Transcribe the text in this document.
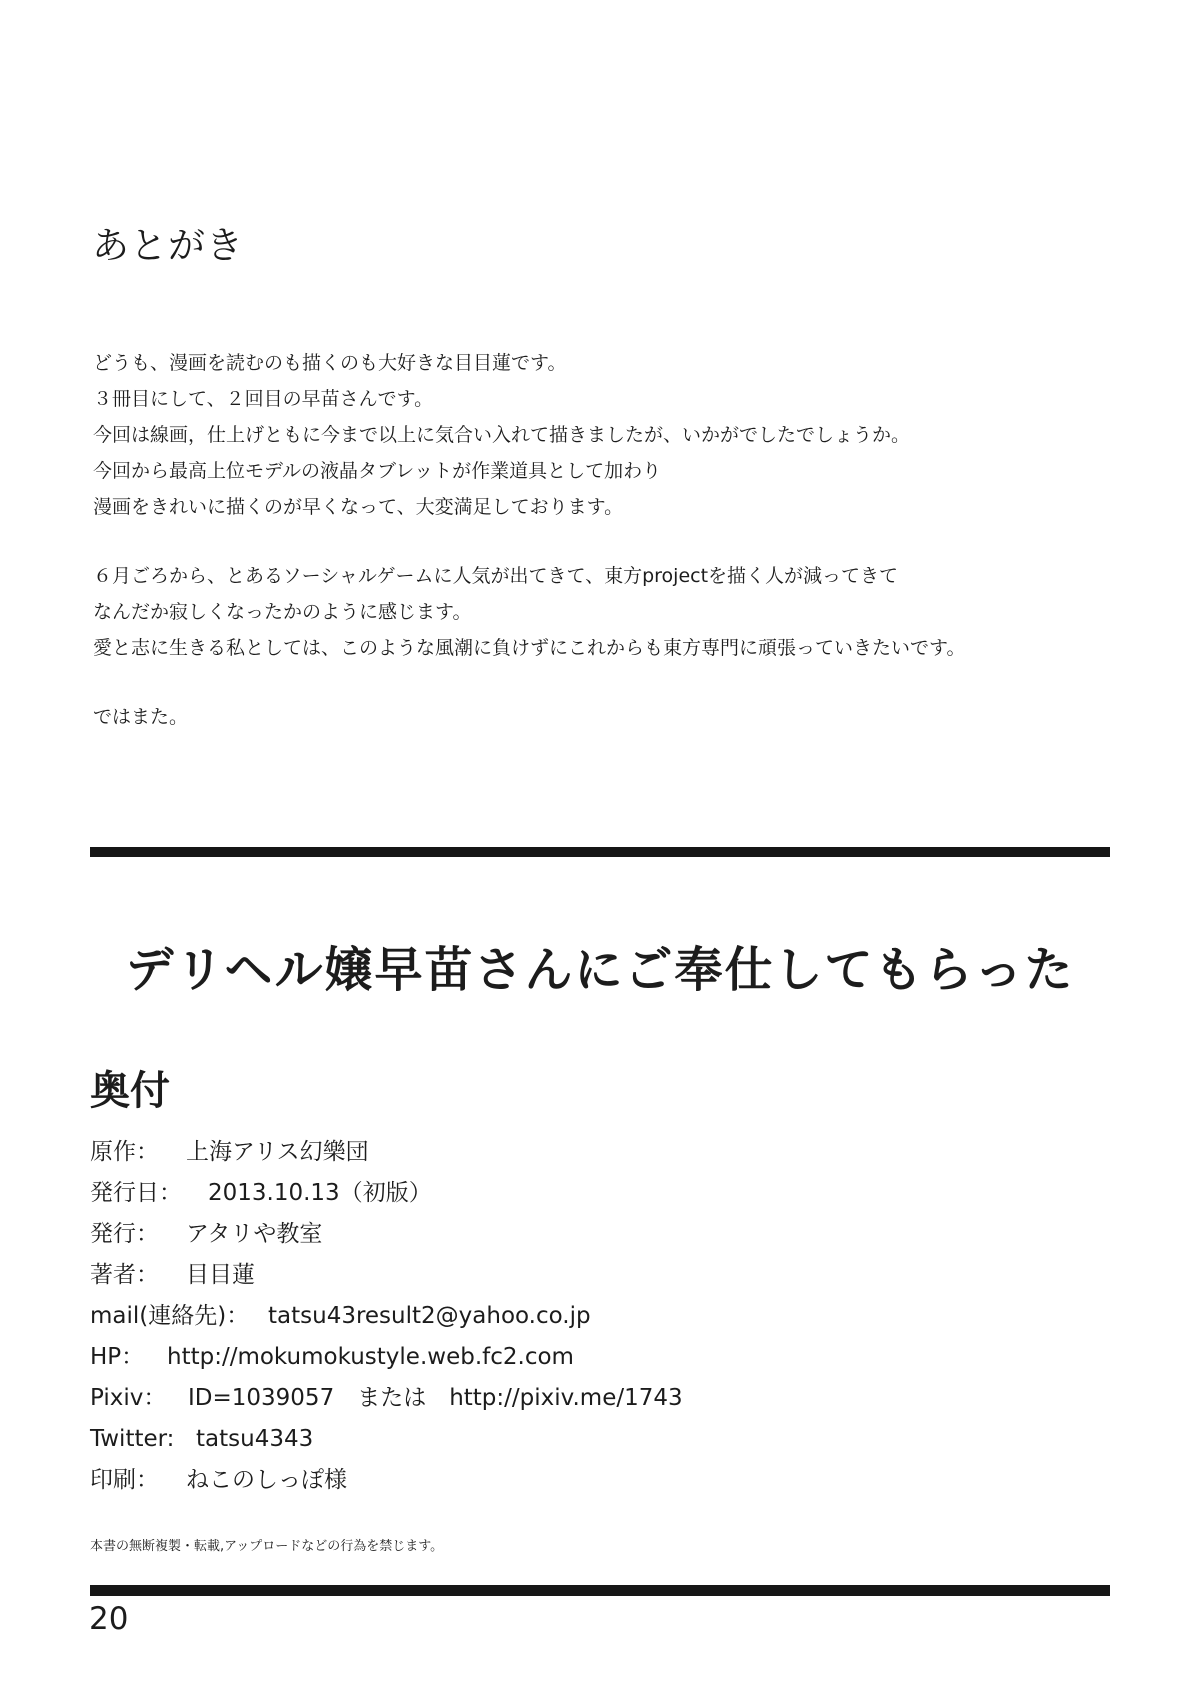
あとがき
どうも、漫画を読むのも描くのも大好きな目目蓮です。
３冊目にして、２回目の早苗さんです。
今回は線画，仕上げともに今まで以上に気合い入れて描きましたが、いかがでしたでしょうか。
今回から最高上位モデルの液晶タブレットが作業道具として加わり
漫画をきれいに描くのが早くなって、大変満足しております。
６月ごろから、とあるソーシャルゲームに人気が出てきて、東方projectを描く人が減ってきて
なんだか寂しくなったかのように感じます。
愛と志に生きる私としては、このような風潮に負けずにこれからも東方専門に頑張っていきたいです。
ではまた。
デリヘル嬢早苗さんにご奉仕してもらった
奥付
原作： 上海アリス幻樂団
発行日： 2013.10.13（初版）
発行： アタリや教室
著者： 目目蓮
mail(連絡先)： tatsu43result2@yahoo.co.jp
HP： http://mokumokustyle.web.fc2.com
Pixiv： ID=1039057　または　http://pixiv.me/1743
Twitter: tatsu4343
印刷： ねこのしっぽ様
本書の無断複製・転載,アップロードなどの行為を禁じます。
20
